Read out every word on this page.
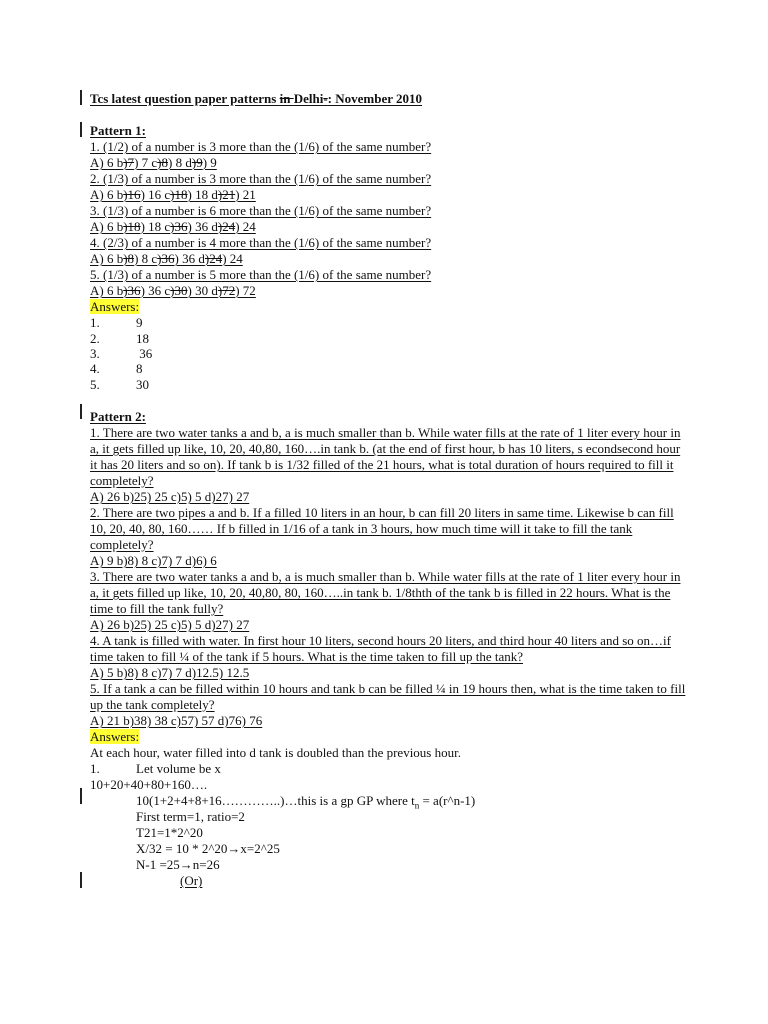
Tcs latest question paper patterns in Delhi-: November 2010
Pattern 1:
1. (1/2) of a number is 3 more than the (1/6) of the same number?
A) 6 b)7) 7 c)8) 8 d)9) 9
2. (1/3) of a number is 3 more than the (1/6) of the same number?
A) 6 b)16) 16 c)18) 18 d)21) 21
3. (1/3) of a number is 6 more than the (1/6) of the same number?
A) 6 b)18) 18 c)36) 36 d)24) 24
4. (2/3) of a number is 4 more than the (1/6) of the same number?
A) 6 b)8) 8 c)36) 36 d)24) 24
5. (1/3) of a number is 5 more than the (1/6) of the same number?
A) 6 b)36) 36 c)30) 30 d)72) 72
Answers:
1.	9
2.	18
3.	36
4.	8
5.	30
Pattern 2:
1. There are two water tanks a and b, a is much smaller than b. While water fills at the rate of 1 liter every hour in
a, it gets filled up like, 10, 20, 40,80, 160….in tank b. (at the end of first hour, b has 10 liters, s econdsecond hour
it has 20 liters and so on). If tank b is 1/32 filled of the 21 hours, what is total duration of hours required to fill it
completely?
A) 26 b)25) 25 c)5) 5 d)27) 27
2. There are two pipes a and b. If a filled 10 liters in an hour, b can fill 20 liters in same time. Likewise b can fill
10, 20, 40, 80, 160…… If b filled in 1/16 of a tank in 3 hours, how much time will it take to fill the tank
completely?
A) 9 b)8) 8 c)7) 7 d)6) 6
3. There are two water tanks a and b, a is much smaller than b. While water fills at the rate of 1 liter every hour in
a, it gets filled up like, 10, 20, 40,80, 80, 160…..in tank b. 1/8thth of the tank b is filled in 22 hours. What is the
time to fill the tank fully?
A) 26 b)25) 25 c)5) 5 d)27) 27
4. A tank is filled with water. In first hour 10 liters, second hours 20 liters, and third hour 40 liters and so on…if
time taken to fill ¼ of the tank if 5 hours. What is the time taken to fill up the tank?
A) 5 b)8) 8 c)7) 7 d)12.5) 12.5
5. If a tank a can be filled within 10 hours and tank b can be filled ¼ in 19 hours then, what is the time taken to fill
up the tank completely?
A) 21 b)38) 38 c)57) 57 d)76) 76
Answers:
At each hour, water filled into d tank is doubled than the previous hour.
1.	Let volume be x
10+20+40+80+160….
10(1+2+4+8+16…………..)…this is a gp GP where $t_n$ = a(r^n-1)
First term=1, ratio=2
T21=1*2^20
X/32 = 10 * 2^20→x=2^25
N-1 =25→n=26
(Or)
